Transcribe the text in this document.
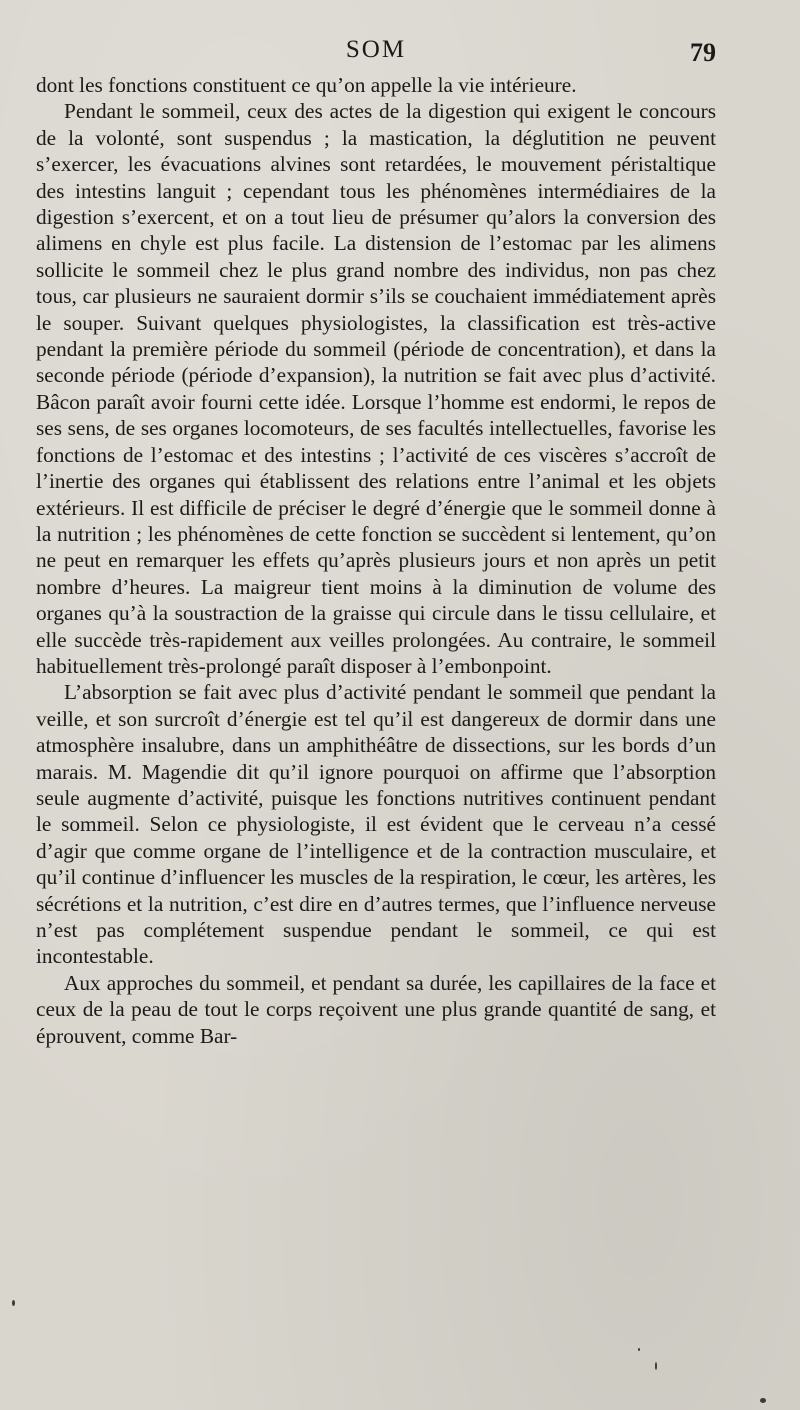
SOM	79

dont les fonctions constituent ce qu’on appelle la vie intérieure.

Pendant le sommeil, ceux des actes de la digestion qui exigent le concours de la volonté, sont suspendus ; la mastication, la déglutition ne peuvent s’exercer, les évacuations alvines sont retardées, le mouvement péristaltique des intestins languit ; cependant tous les phénomènes intermédiaires de la digestion s’exercent, et on a tout lieu de présumer qu’alors la conversion des alimens en chyle est plus facile. La distension de l’estomac par les alimens sollicite le sommeil chez le plus grand nombre des individus, non pas chez tous, car plusieurs ne sauraient dormir s’ils se couchaient immédiatement après le souper. Suivant quelques physiologistes, la classification est très-active pendant la première période du sommeil (période de concentration), et dans la seconde période (période d’expansion), la nutrition se fait avec plus d’activité. Bâcon paraît avoir fourni cette idée. Lorsque l’homme est endormi, le repos de ses sens, de ses organes locomoteurs, de ses facultés intellectuelles, favorise les fonctions de l’estomac et des intestins ; l’activité de ces viscères s’accroît de l’inertie des organes qui établissent des relations entre l’animal et les objets extérieurs. Il est difficile de préciser le degré d’énergie que le sommeil donne à la nutrition ; les phénomènes de cette fonction se succèdent si lentement, qu’on ne peut en remarquer les effets qu’après plusieurs jours et non après un petit nombre d’heures. La maigreur tient moins à la diminution de volume des organes qu’à la soustraction de la graisse qui circule dans le tissu cellulaire, et elle succède très-rapidement aux veilles prolongées. Au contraire, le sommeil habituellement très-prolongé paraît disposer à l’embonpoint.

L’absorption se fait avec plus d’activité pendant le sommeil que pendant la veille, et son surcroît d’énergie est tel qu’il est dangereux de dormir dans une atmosphère insalubre, dans un amphithéâtre de dissections, sur les bords d’un marais. M. Magendie dit qu’il ignore pourquoi on affirme que l’absorption seule augmente d’activité, puisque les fonctions nutritives continuent pendant le sommeil. Selon ce physiologiste, il est évident que le cerveau n’a cessé d’agir que comme organe de l’intelligence et de la contraction musculaire, et qu’il continue d’influencer les muscles de la respiration, le cœur, les artères, les sécrétions et la nutrition, c’est dire en d’autres termes, que l’influence nerveuse n’est pas complétement suspendue pendant le sommeil, ce qui est incontestable.

Aux approches du sommeil, et pendant sa durée, les capillaires de la face et ceux de la peau de tout le corps reçoivent une plus grande quantité de sang, et éprouvent, comme Bar-
